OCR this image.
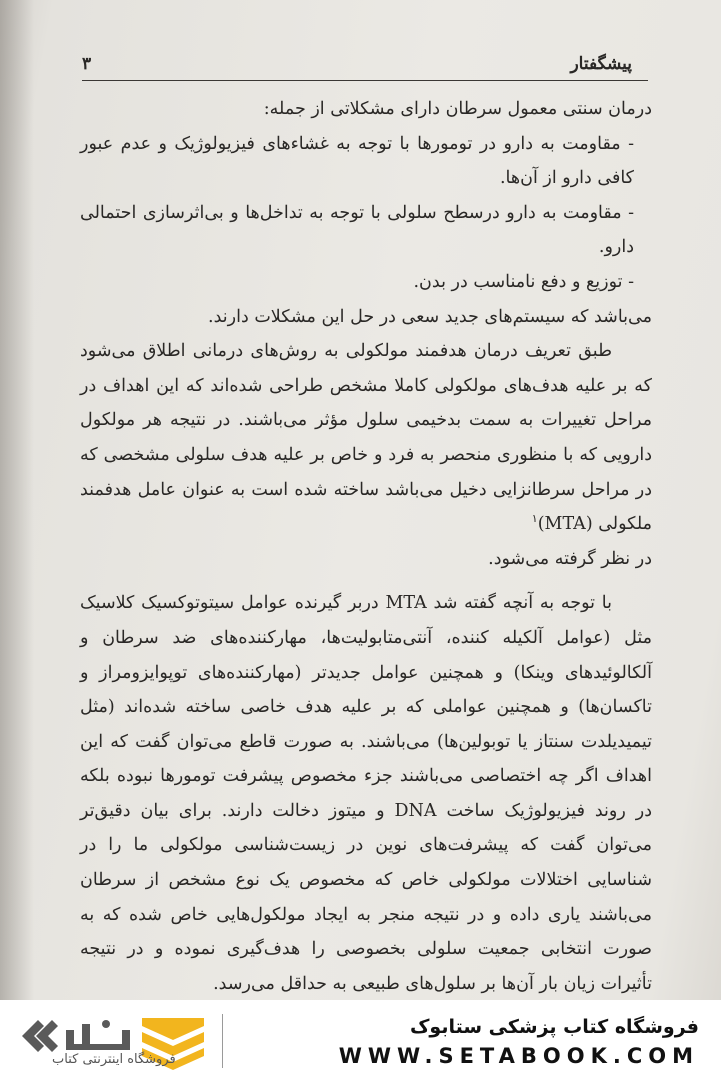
پیشگفتار
۳

درمان سنتی معمول سرطان دارای مشکلاتی از جمله:

- مقاومت به دارو در تومورها با توجه به غشاءهای فیزیولوژیک و عدم عبور کافی دارو از آن‌ها.

- مقاومت به دارو درسطح سلولی با توجه به تداخل‌ها و بی‌اثرسازی احتمالی دارو.

- توزیع و دفع نامناسب در بدن.

می‌باشد که سیستم‌های جدید سعی در حل این مشکلات دارند.

طبق تعریف درمان هدفمند مولکولی به روش‌های درمانی اطلاق می‌شود که بر علیه هدف‌های مولکولی کاملا مشخص طراحی شده‌اند که این اهداف در مراحل تغییرات به سمت بدخیمی سلول مؤثر می‌باشند. در نتیجه هر مولکول دارویی که با منظوری منحصر به فرد و خاص بر علیه هدف سلولی مشخصی که در مراحل سرطانزایی دخیل می‌باشد ساخته شده است به عنوان عامل هدفمند ملکولی (MTA)$^۱$

در نظر گرفته می‌شود.

با توجه به آنچه گفته شد MTA دربر گیرنده عوامل سیتوتوکسیک کلاسیک مثل (عوامل آلکیله کننده، آنتی‌متابولیت‌ها، مهارکننده‌های ضد سرطان و آلکالوئیدهای وینکا) و همچنین عوامل جدیدتر (مهارکننده‌های توپوایزومراز و تاکسان‌ها) و همچنین عواملی که بر علیه هدف خاصی ساخته شده‌اند (مثل تیمیدیلدت سنتاز یا توبولین‌ها) می‌باشند. به صورت قاطع می‌توان گفت که این اهداف اگر چه اختصاصی می‌باشند جزء مخصوص پیشرفت تومورها نبوده بلکه در روند فیزیولوژیک ساخت DNA و میتوز دخالت دارند. برای بیان دقیق‌تر می‌توان گفت که پیشرفت‌های نوین در زیست‌شناسی مولکولی ما را در شناسایی اختلالات مولکولی خاص که مخصوص یک نوع مشخص از سرطان می‌باشند یاری داده و در نتیجه منجر به ایجاد مولکول‌هایی خاص شده که به صورت انتخابی جمعیت سلولی بخصوصی را هدف‌گیری نموده و در نتیجه تأثیرات زیان بار آن‌ها بر سلول‌های طبیعی به حداقل می‌رسد.

فروشگاه اینترنتی کتاب
فروشگاه کتاب پزشکی ستابوک
WWW.SETABOOK.COM
